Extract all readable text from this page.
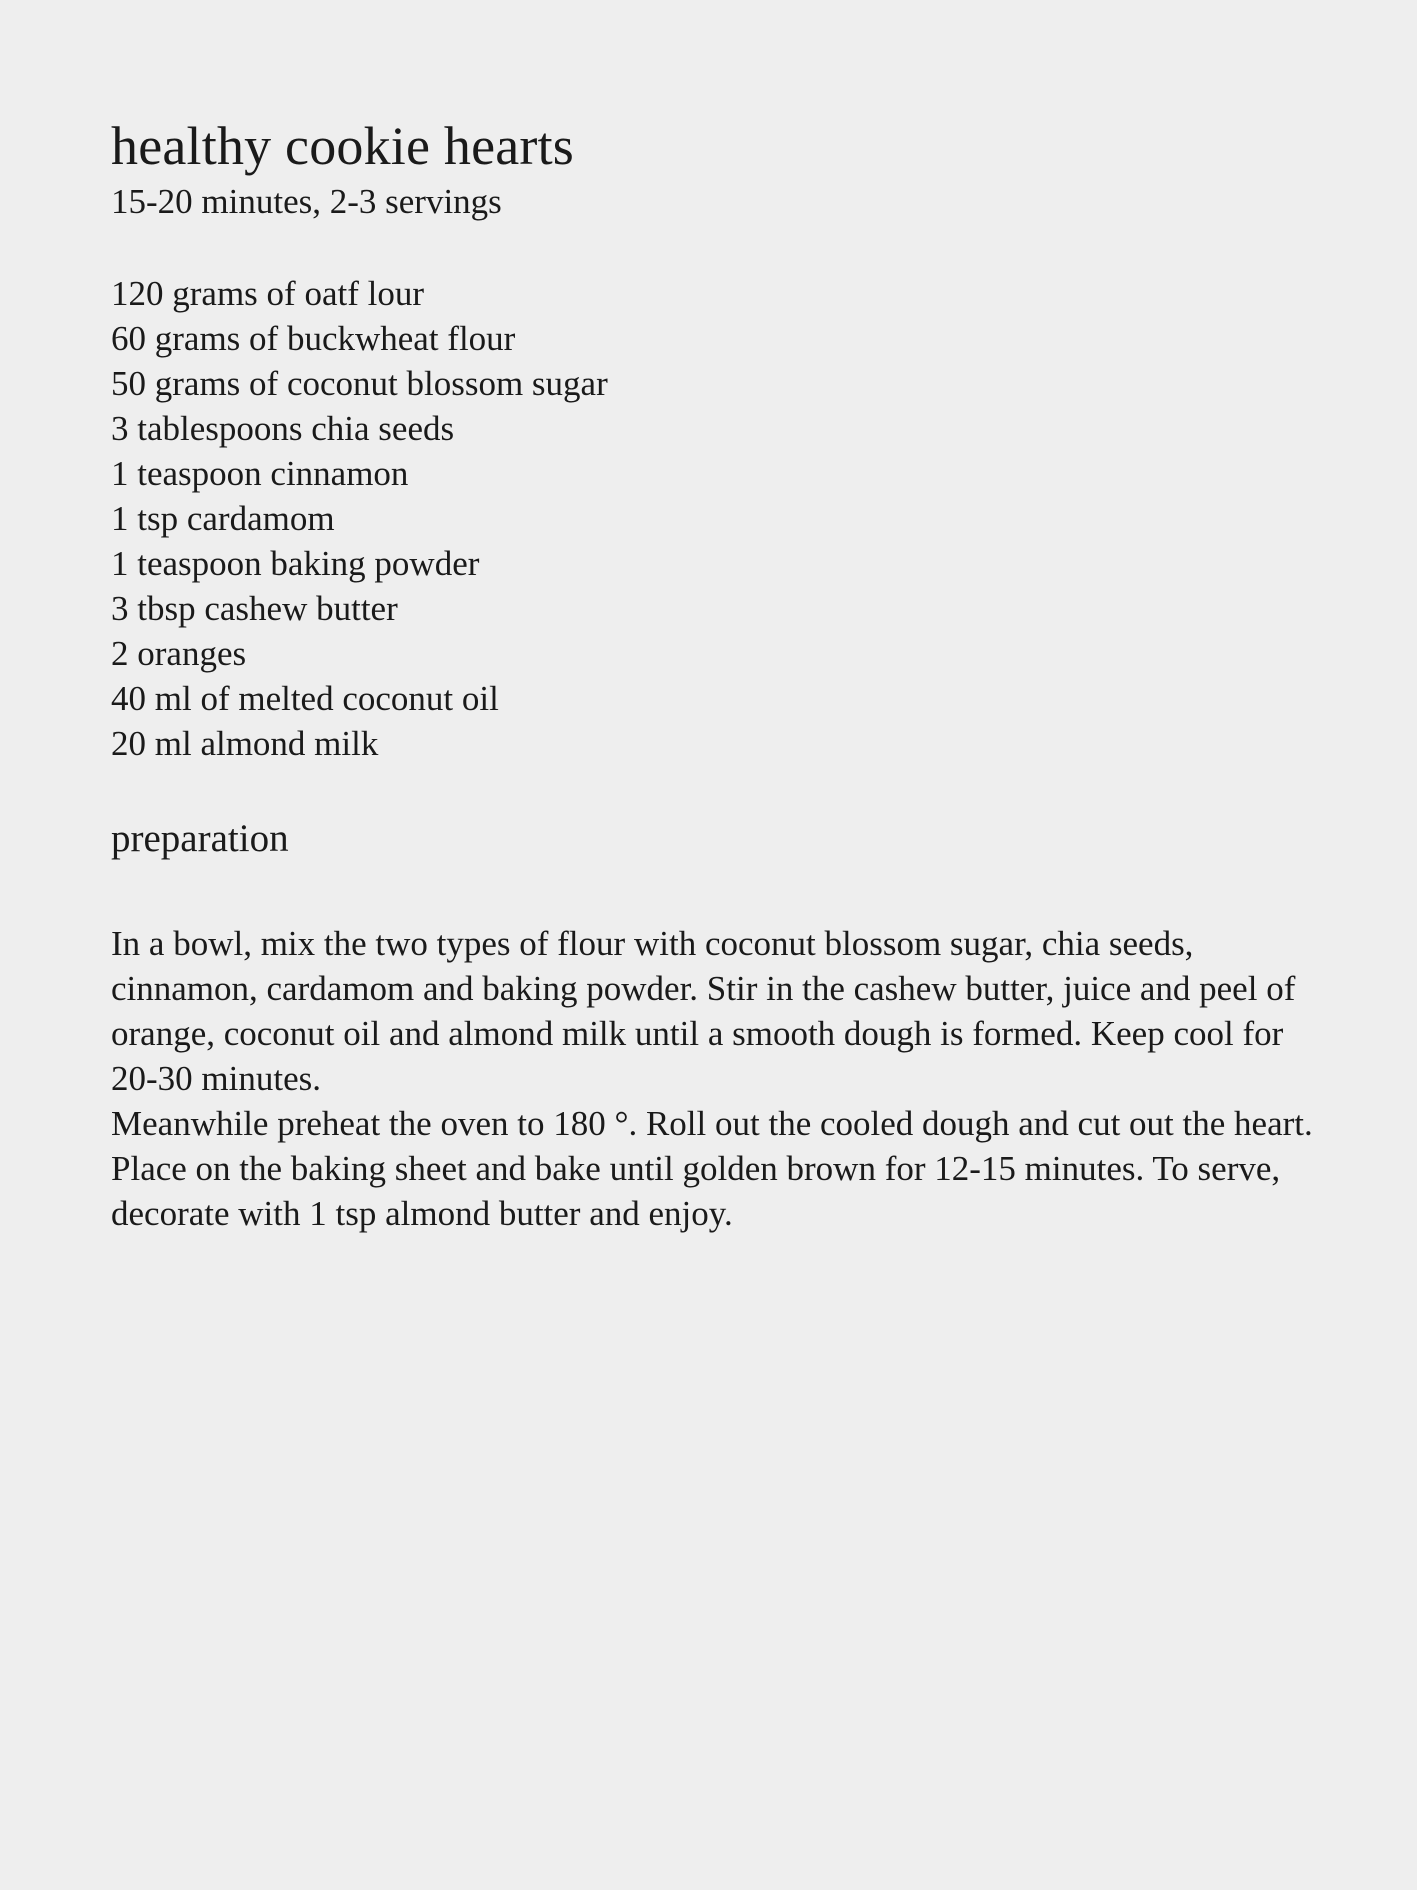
healthy cookie hearts

15-20 minutes, 2-3 servings

120 grams of oatf lour
60 grams of buckwheat flour
50 grams of coconut blossom sugar
3 tablespoons chia seeds
1 teaspoon cinnamon
1 tsp cardamom
1 teaspoon baking powder
3 tbsp cashew butter
2 oranges
40 ml of melted coconut oil
20 ml almond milk
preparation

In a bowl, mix the two types of flour with coconut blossom sugar, chia seeds, cinnamon, cardamom and baking powder. Stir in the cashew butter, juice and peel of orange, coconut oil and almond milk until a smooth dough is formed. Keep cool for 20-30 minutes.

Meanwhile preheat the oven to 180 °. Roll out the cooled dough and cut out the heart. Place on the baking sheet and bake until golden brown for 12-15 minutes. To serve, decorate with 1 tsp almond butter and enjoy.
